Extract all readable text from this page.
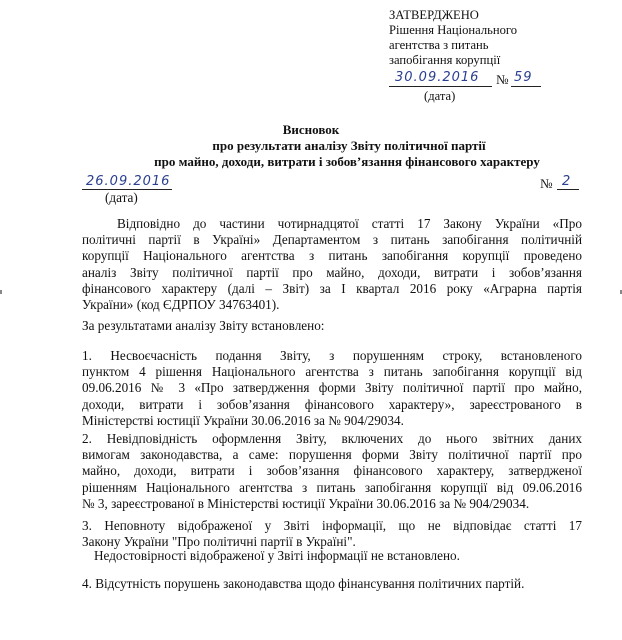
ЗАТВЕРДЖЕНО
Рішення Національного
агентства з питань
запобігання корупції
30.09.2016 № 59
(дата)
Висновок
про результати аналізу Звіту політичної партії
про майно, доходи, витрати і зобов’язання фінансового характеру
26.09.2016
(дата)
№ 2
Відповідно до частини чотирнадцятої статті 17 Закону України «Про
політичні партії в Україні» Департаментом з питань запобігання політичній
корупції Національного агентства з питань запобігання корупції проведено
аналіз Звіту політичної партії про майно, доходи, витрати і зобов’язання
фінансового характеру (далі – Звіт) за I квартал 2016 року «Аграрна партія
України» (код ЄДРПОУ 34763401).
За результатами аналізу Звіту встановлено:
1. Несвоєчасність подання Звіту, з порушенням строку, встановленого
пунктом 4 рішення Національного агентства з питань запобігання корупції від
09.06.2016 № 3 «Про затвердження форми Звіту політичної партії про майно,
доходи, витрати і зобов’язання фінансового характеру», зареєстрованого в
Міністерстві юстиції України 30.06.2016 за № 904/29034.
2. Невідповідність оформлення Звіту, включених до нього звітних даних
вимогам законодавства, а саме: порушення форми Звіту політичної партії про
майно, доходи, витрати і зобов’язання фінансового характеру, затвердженої
рішенням Національного агентства з питань запобігання корупції від 09.06.2016
№ 3, зареєстрованої в Міністерстві юстиції України 30.06.2016 за № 904/29034.
3. Неповноту відображеної у Звіті інформації, що не відповідає статті 17
Закону України "Про політичні партії в Україні".
Недостовірності відображеної у Звіті інформації не встановлено.
4. Відсутність порушень законодавства щодо фінансування політичних партій.
